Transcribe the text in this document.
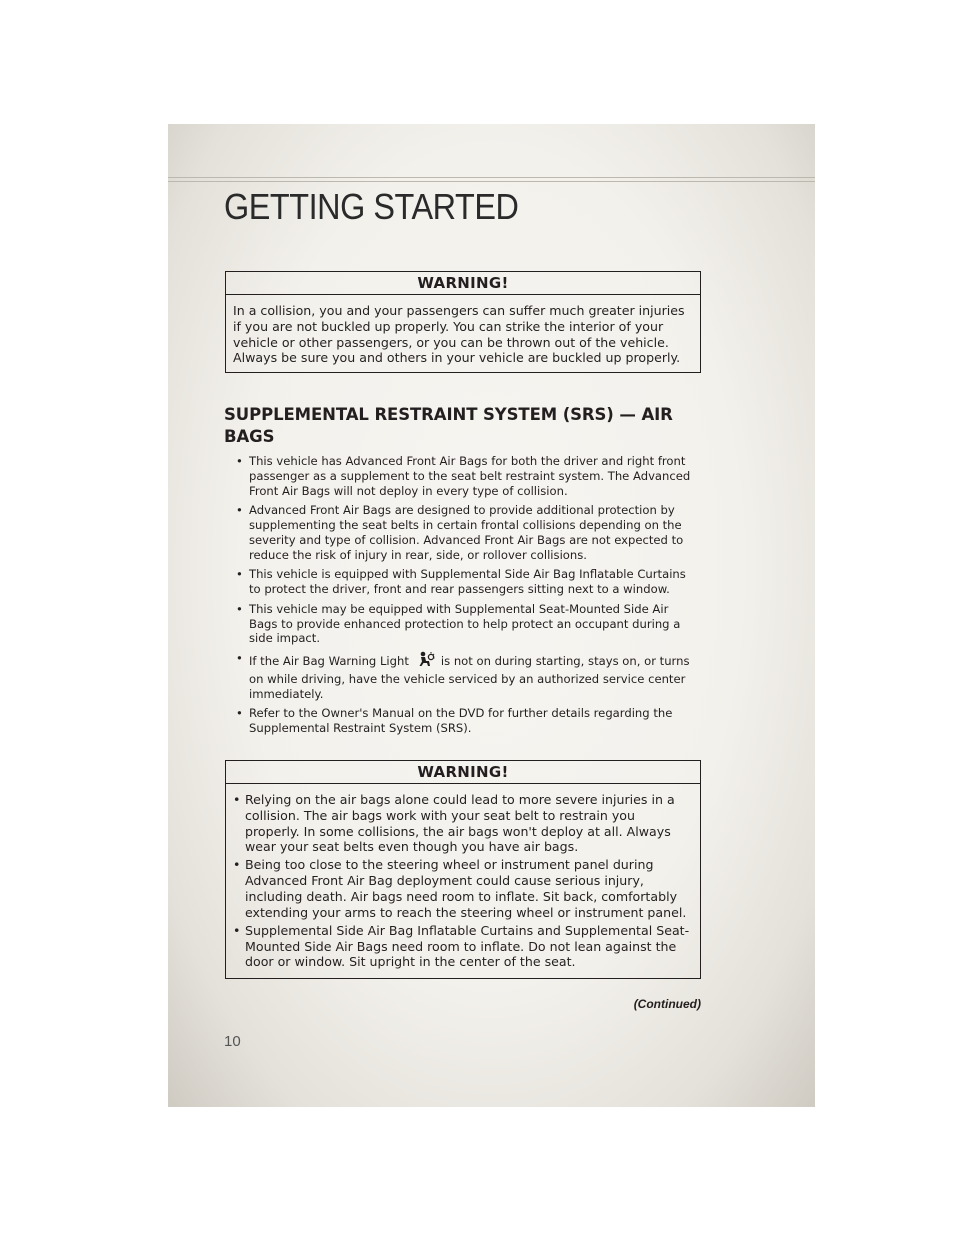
GETTING STARTED
WARNING!
In a collision, you and your passengers can suffer much greater injuries if you are not buckled up properly. You can strike the interior of your vehicle or other passengers, or you can be thrown out of the vehicle. Always be sure you and others in your vehicle are buckled up properly.
SUPPLEMENTAL RESTRAINT SYSTEM (SRS) — AIR BAGS
• This vehicle has Advanced Front Air Bags for both the driver and right front passenger as a supplement to the seat belt restraint system. The Advanced Front Air Bags will not deploy in every type of collision.
• Advanced Front Air Bags are designed to provide additional protection by supplementing the seat belts in certain frontal collisions depending on the severity and type of collision. Advanced Front Air Bags are not expected to reduce the risk of injury in rear, side, or rollover collisions.
• This vehicle is equipped with Supplemental Side Air Bag Inflatable Curtains to protect the driver, front and rear passengers sitting next to a window.
• This vehicle may be equipped with Supplemental Seat-Mounted Side Air Bags to provide enhanced protection to help protect an occupant during a side impact.
• If the Air Bag Warning Light	is not on during starting, stays on, or turns on while driving, have the vehicle serviced by an authorized service center immediately.
• Refer to the Owner's Manual on the DVD for further details regarding the Supplemental Restraint System (SRS).
WARNING!
• Relying on the air bags alone could lead to more severe injuries in a collision. The air bags work with your seat belt to restrain you properly. In some collisions, the air bags won't deploy at all. Always wear your seat belts even though you have air bags.
• Being too close to the steering wheel or instrument panel during Advanced Front Air Bag deployment could cause serious injury, including death. Air bags need room to inflate. Sit back, comfortably extending your arms to reach the steering wheel or instrument panel.
• Supplemental Side Air Bag Inflatable Curtains and Supplemental Seat-Mounted Side Air Bags need room to inflate. Do not lean against the door or window. Sit upright in the center of the seat.
(Continued)
10
